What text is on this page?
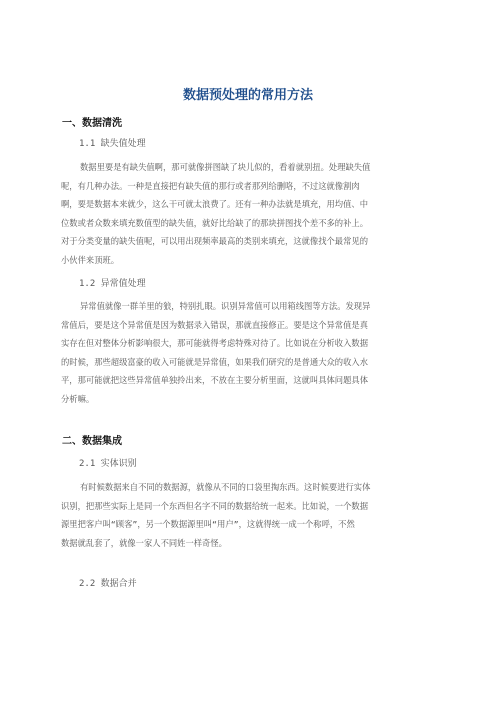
数据预处理的常用方法
一、数据清洗
1.1 缺失值处理
数据里要是有缺失值啊，那可就像拼图缺了块儿似的，看着就别扭。处理缺失值
呢，有几种办法。一种是直接把有缺失值的那行或者那列给删咯，不过这就像割肉
啊，要是数据本来就少，这么干可就太浪费了。还有一种办法就是填充，用均值、中
位数或者众数来填充数值型的缺失值，就好比给缺了的那块拼图找个差不多的补上。
对于分类变量的缺失值呢，可以用出现频率最高的类别来填充，这就像找个最常见的
小伙伴来顶班。
1.2 异常值处理
异常值就像一群羊里的狼，特别扎眼。识别异常值可以用箱线图等方法。发现异
常值后，要是这个异常值是因为数据录入错误，那就直接修正。要是这个异常值是真
实存在但对整体分析影响很大，那可能就得考虑特殊对待了。比如说在分析收入数据
的时候，那些超级富豪的收入可能就是异常值，如果我们研究的是普通大众的收入水
平，那可能就把这些异常值单独拎出来，不放在主要分析里面，这就叫具体问题具体
分析嘛。
二、数据集成
2.1 实体识别
有时候数据来自不同的数据源，就像从不同的口袋里掏东西。这时候要进行实体
识别，把那些实际上是同一个东西但名字不同的数据给统一起来。比如说，一个数据
源里把客户叫“顾客”，另一个数据源里叫“用户”，这就得统一成一个称呼，不然
数据就乱套了，就像一家人不同姓一样奇怪。
2.2 数据合并
